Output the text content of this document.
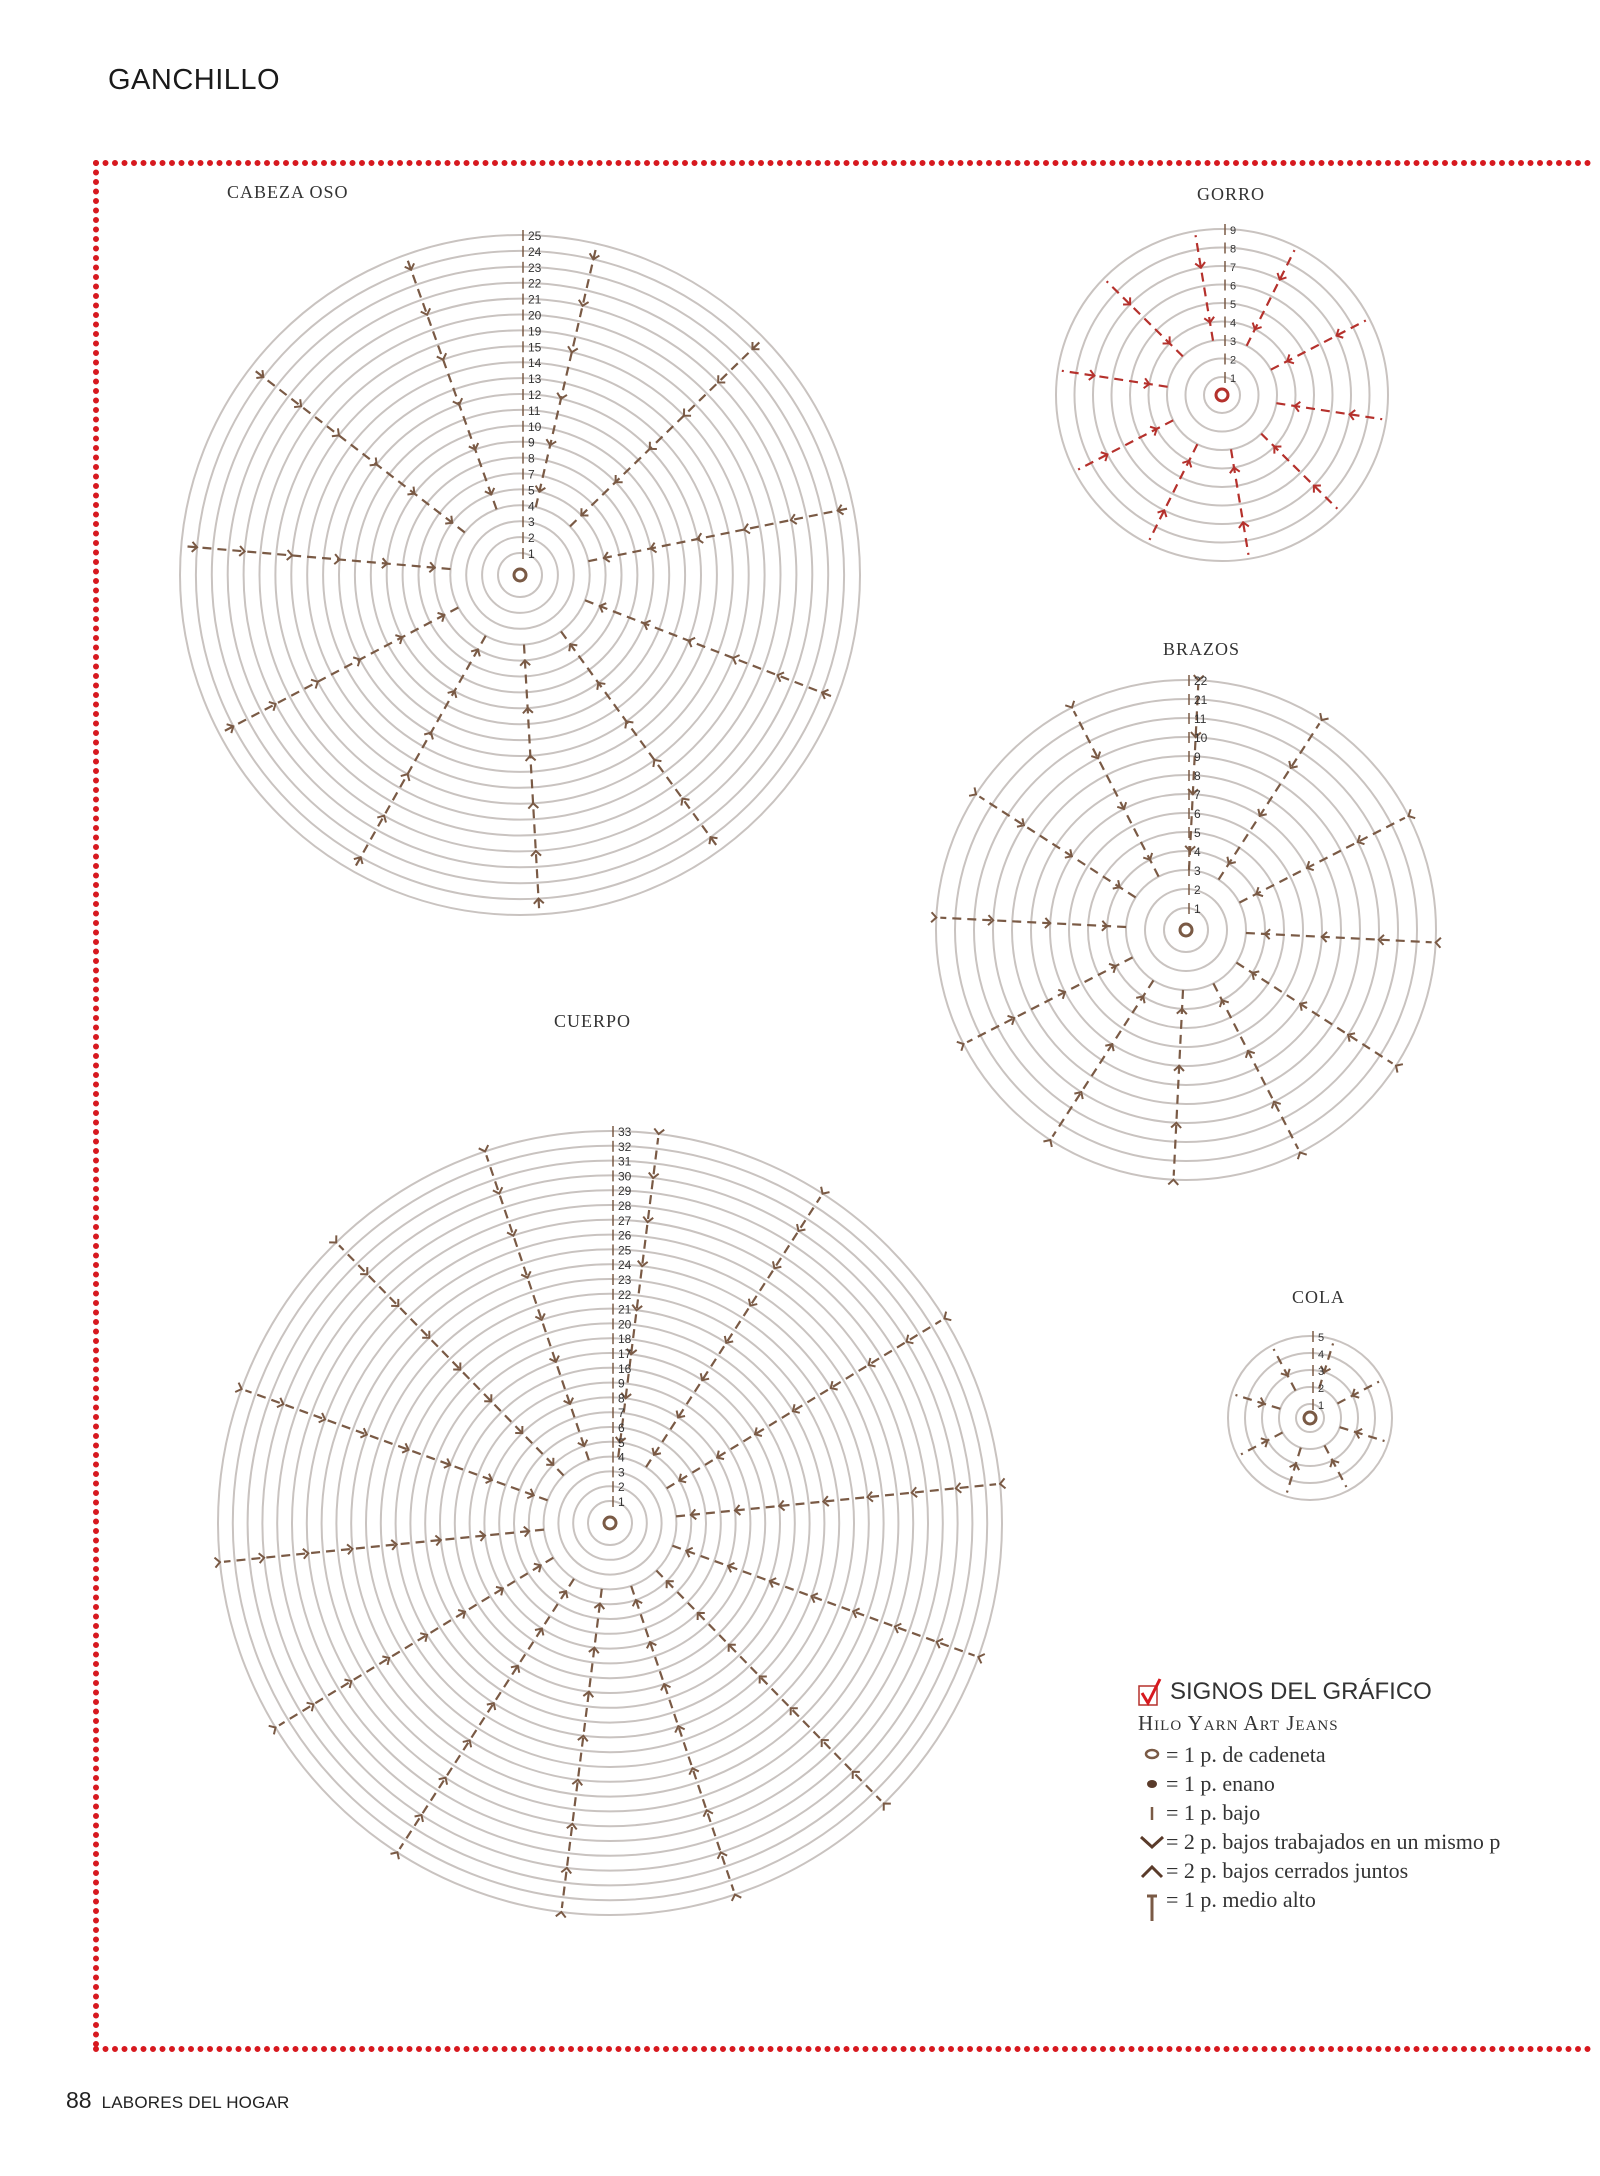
GANCHILLO
CABEZA OSO	GORRO
BRAZOS
CUERPO
COLA
1
2
3
4
5
7
8
9
10
11
12
13
14
15
19
20
21
22
23
24
25
1
2
3
4
5
6
7
8
9
1
2
3
4
5
6
7
8
9
10
11
21
22
1
2
3
4
5
6
7
8
9
16
17
18
20
21
22
23
24
25
26
27
28
29
30
31
32
33
1
2
3
4
5
SIGNOS DEL GRÁFICO
Hilo Yarn Art Jeans
= 1 p. de cadeneta
= 1 p. enano
= 1 p. bajo
= 2 p. bajos trabajados en un mismo p
= 2 p. bajos cerrados juntos
= 1 p. medio alto
88 LABORES DEL HOGAR
